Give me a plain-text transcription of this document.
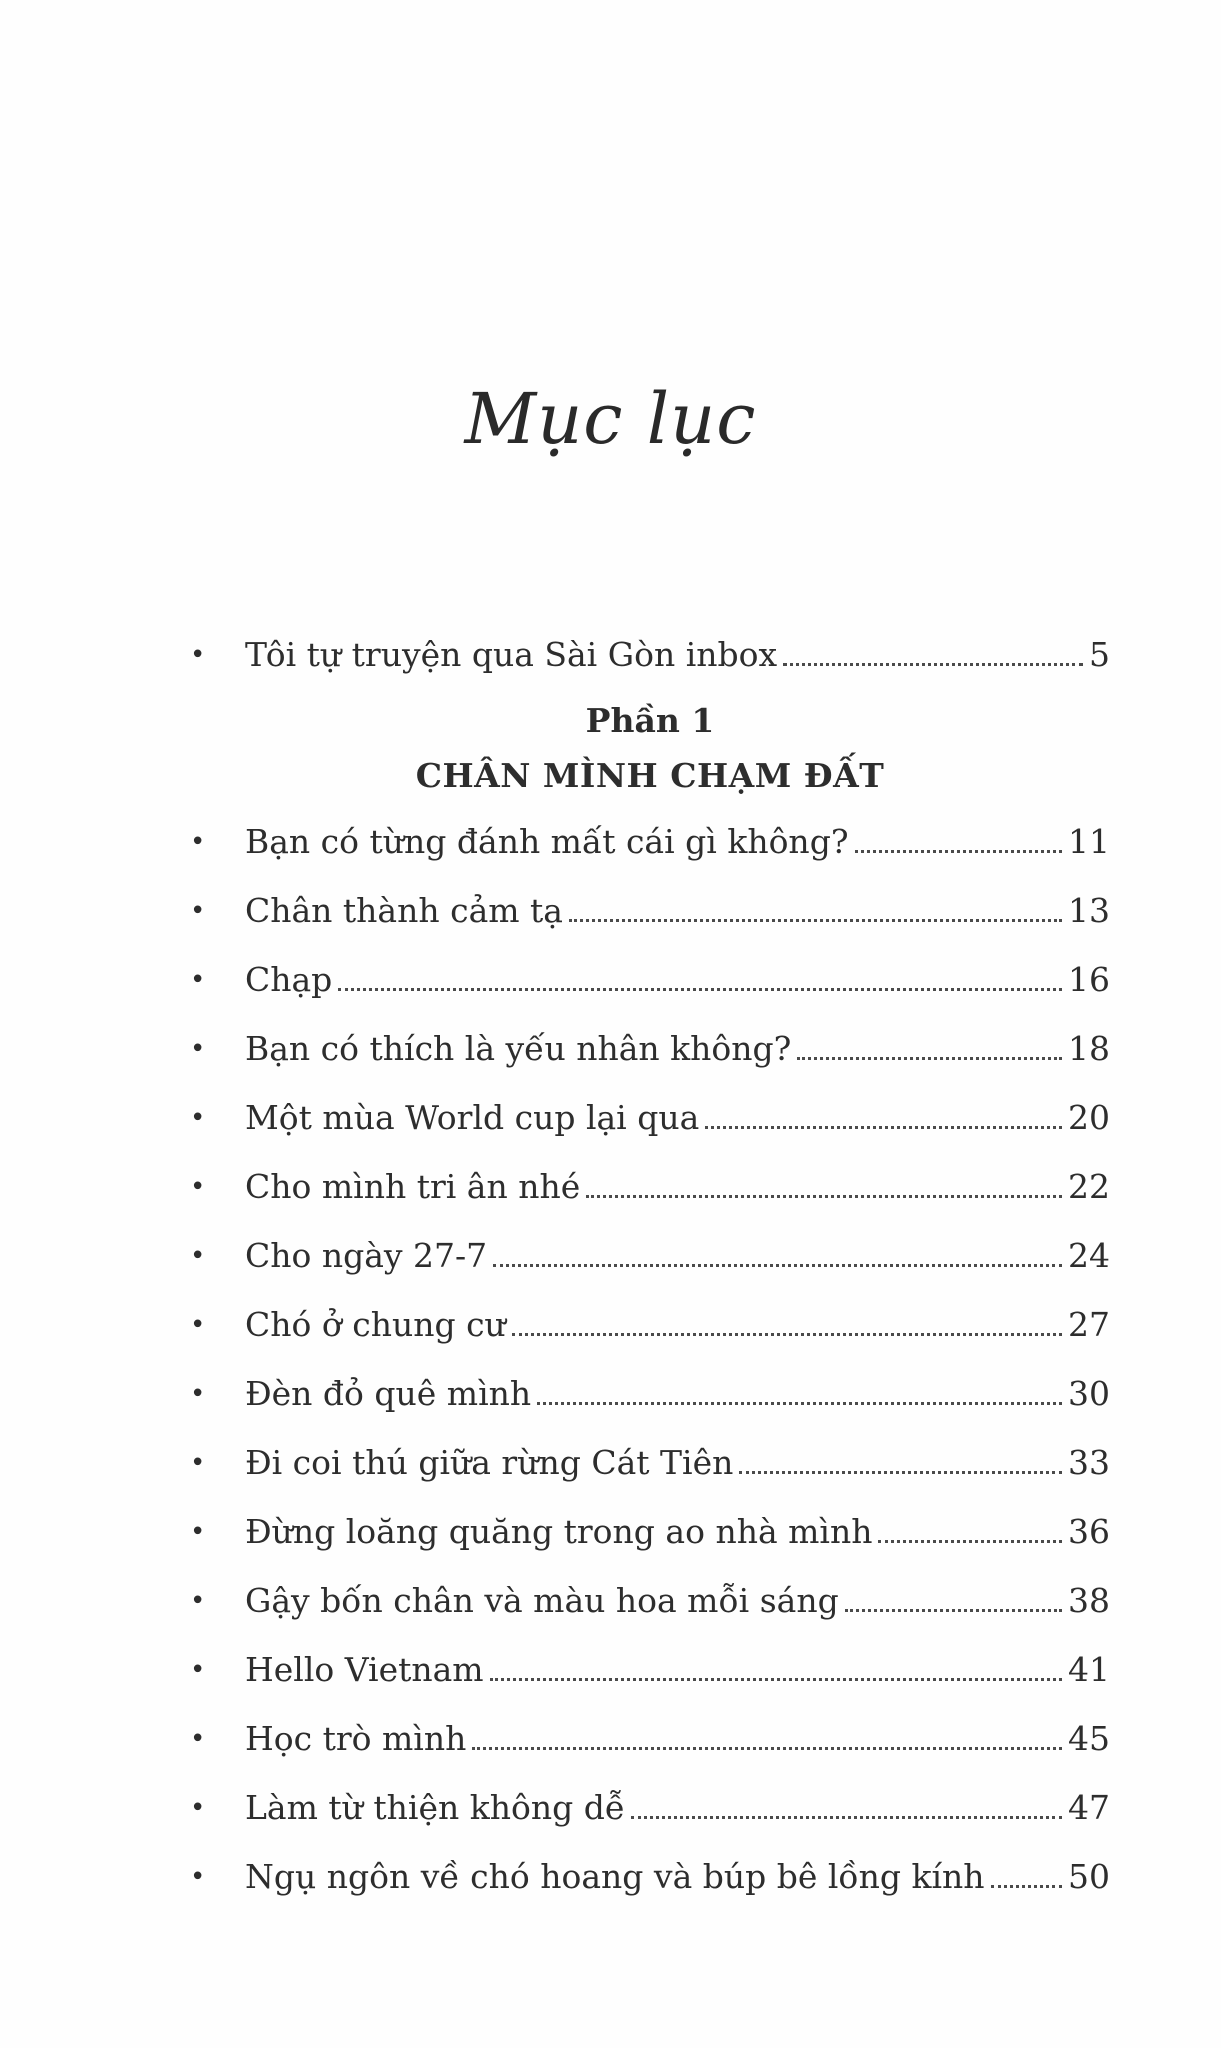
Mục lục
•	Tôi tự truyện qua Sài Gòn inbox	5
Phần 1
CHÂN MÌNH CHẠM ĐẤT
•	Bạn có từng đánh mất cái gì không?	11
•	Chân thành cảm tạ	13
•	Chạp	16
•	Bạn có thích là yếu nhân không?	18
•	Một mùa World cup lại qua	20
•	Cho mình tri ân nhé	22
•	Cho ngày 27-7	24
•	Chó ở chung cư	27
•	Đèn đỏ quê mình	30
•	Đi coi thú giữa rừng Cát Tiên	33
•	Đừng loăng quăng trong ao nhà mình	36
•	Gậy bốn chân và màu hoa mỗi sáng	38
•	Hello Vietnam	41
•	Học trò mình	45
•	Làm từ thiện không dễ	47
•	Ngụ ngôn về chó hoang và búp bê lồng kính	50
